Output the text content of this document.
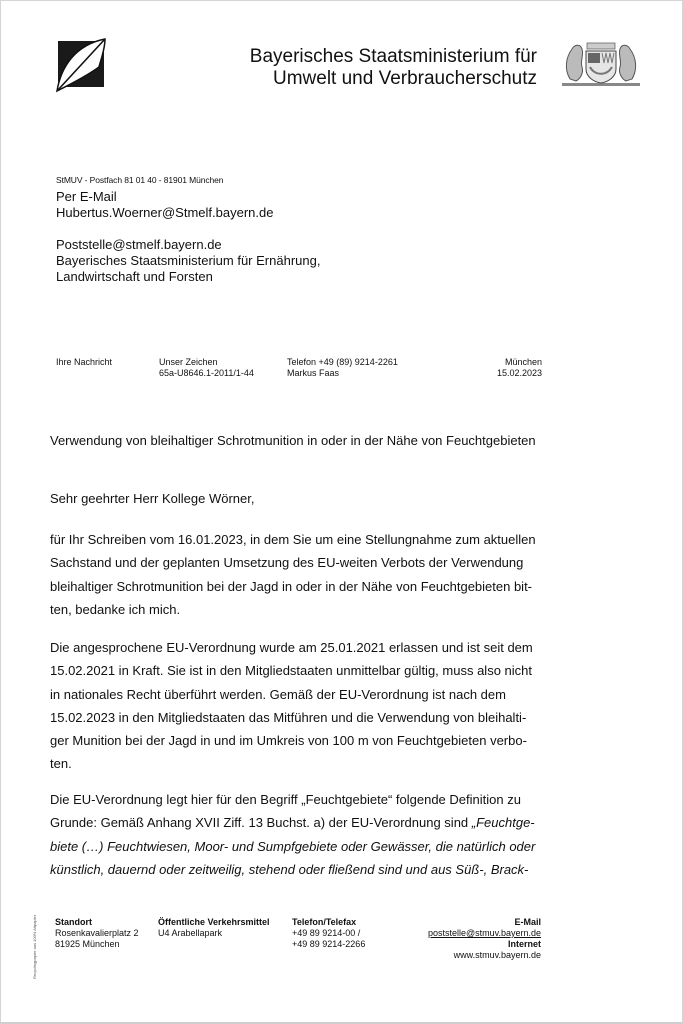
Bayerisches Staatsministerium für
Umwelt und Verbraucherschutz
StMUV - Postfach 81 01 40 - 81901 München
Per E-Mail
Hubertus.Woerner@Stmelf.bayern.de
Poststelle@stmelf.bayern.de
Bayerisches Staatsministerium für Ernährung,
Landwirtschaft und Forsten
Ihre Nachricht	Unser Zeichen
65a-U8646.1-2011/1-44
Telefon +49 (89) 9214-2261
Markus Faas
München
15.02.2023
Verwendung von bleihaltiger Schrotmunition in oder in der Nähe von Feuchtgebieten
Sehr geehrter Herr Kollege Wörner,
für Ihr Schreiben vom 16.01.2023, in dem Sie um eine Stellungnahme zum aktuellen
Sachstand und der geplanten Umsetzung des EU-weiten Verbots der Verwendung
bleihaltiger Schrotmunition bei der Jagd in oder in der Nähe von Feuchtgebieten bit-
ten, bedanke ich mich.
Die angesprochene EU-Verordnung wurde am 25.01.2021 erlassen und ist seit dem
15.02.2021 in Kraft. Sie ist in den Mitgliedstaaten unmittelbar gültig, muss also nicht
in nationales Recht überführt werden. Gemäß der EU-Verordnung ist nach dem
15.02.2023 in den Mitgliedstaaten das Mitführen und die Verwendung von bleihalti-
ger Munition bei der Jagd in und im Umkreis von 100 m von Feuchtgebieten verbo-
ten.
Die EU-Verordnung legt hier für den Begriff „Feuchtgebiete“ folgende Definition zu
Grunde: Gemäß Anhang XVII Ziff. 13 Buchst. a) der EU-Verordnung sind „Feuchtge-
biete (…) Feuchtwiesen, Moor- und Sumpfgebiete oder Gewässer, die natürlich oder
künstlich, dauernd oder zeitweilig, stehend oder fließend sind und aus Süß-, Brack-
Recyclingpapier aus 100% Altpapier Standort
Rosenkavalierplatz 2
81925 München
Öffentliche Verkehrsmittel
U4 Arabellapark
Telefon/Telefax
+49 89 9214-00 /
+49 89 9214-2266
E-Mail
poststelle@stmuv.bayern.de
Internet
www.stmuv.bayern.de
